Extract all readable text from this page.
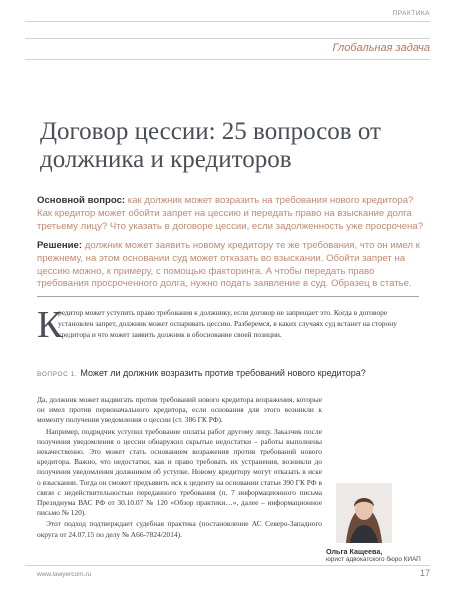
ПРАКТИКА
Глобальная задача
Договор цессии: 25 вопросов от должника и кредиторов
Основной вопрос: как должник может возразить на требования нового кредитора? Как кредитор может обойти запрет на цессию и передать право на взыскание долга третьему лицу? Что указать в договоре цессии, если задолженность уже просрочена?
Решение: должник может заявить новому кредитору те же требования, что он имел к прежнему, на этом основании суд может отказать во взыскании. Обойти запрет на цессию можно, к примеру, с помощью факторинга. А чтобы передать право требования просроченного долга, нужно подать заявление в суд. Образец в статье.
К
редитор может уступить право требования к должнику, если договор не запрещает это. Когда в договоре установлен запрет, должник может оспаривать цессию. Разберемся, в каких случаях суд встанет на сторону кредитора и что может заявить должник в обоснование своей позиции.
ВОПРОС 1. Может ли должник возразить против требований нового кредитора?

Да, должник может выдвигать против требований нового кредитора возражения, которые он имел против первоначального кредитора, если основания для этого возникли к моменту получения уведомления о цессии (ст. 386 ГК РФ).

Например, подрядчик уступил требование оплаты работ другому лицу. Заказчик после получения уведомления о цессии обнаружил скрытые недостатки – работы выполнены некачественно. Это может стать основанием возражения против требований нового кредитора. Важно, что недостатки, как и право требовать их устранения, возникли до получения уведомления должником об уступке. Новому кредитору могут отказать в иске о взыскании. Тогда он сможет предъявить иск к цеденту на основании статьи 390 ГК РФ в связи с недействительностью переданного требования (п. 7 информационного письма Президиума ВАС РФ от 30.10.07 № 120 «Обзор практики…», далее – информационное письмо № 120).

Этот подход подтверждает судебная практика (постановление АС Северо-Западного округа от 24.07.15 по делу № А66-7824/2014).

Ольга Кащеева,
юрист адвокатского бюро КИАП
www.lawyercom.ru	17
